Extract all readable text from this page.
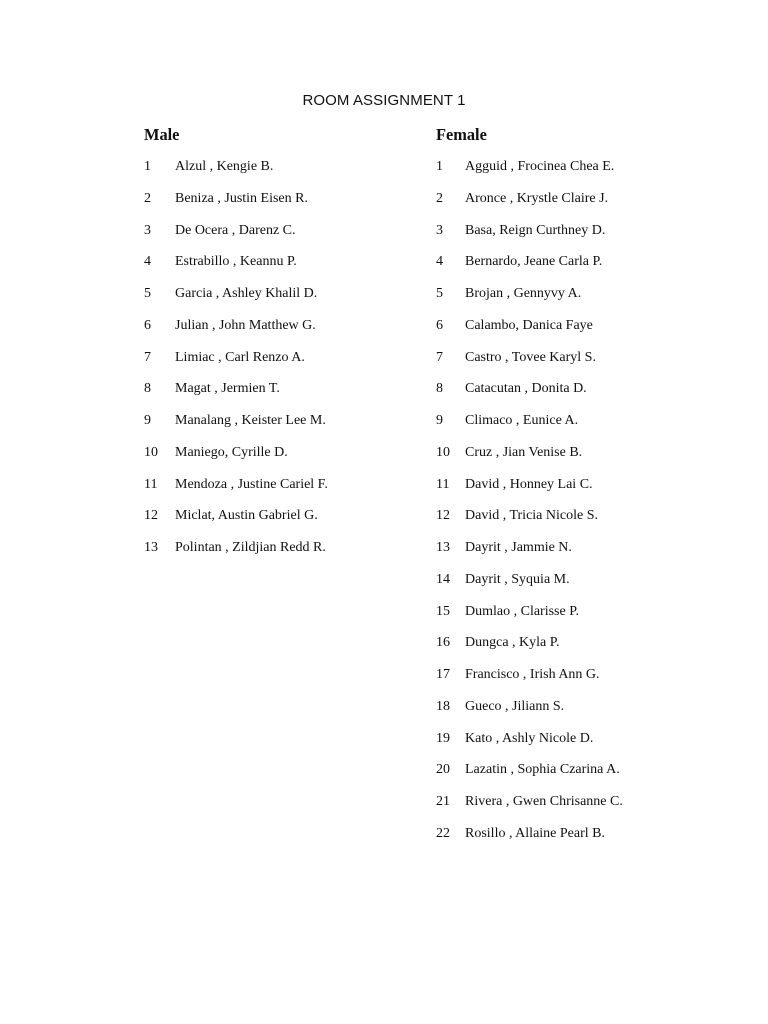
ROOM ASSIGNMENT 1
Male
1 Alzul , Kengie B.
2 Beniza , Justin Eisen R.
3 De Ocera , Darenz C.
4 Estrabillo , Keannu P.
5 Garcia , Ashley Khalil D.
6 Julian , John Matthew G.
7 Limiac , Carl Renzo A.
8 Magat , Jermien T.
9 Manalang , Keister Lee M.
10 Maniego, Cyrille D.
11 Mendoza , Justine Cariel F.
12 Miclat, Austin Gabriel G.
13 Polintan , Zildjian Redd R.
Female
1 Agguid , Frocinea Chea E.
2 Aronce , Krystle Claire J.
3 Basa, Reign Curthney D.
4 Bernardo, Jeane Carla P.
5 Brojan , Gennyvy A.
6 Calambo, Danica Faye
7 Castro , Tovee Karyl S.
8 Catacutan , Donita D.
9 Climaco , Eunice A.
10 Cruz , Jian Venise B.
11 David , Honney Lai C.
12 David , Tricia Nicole S.
13 Dayrit , Jammie N.
14 Dayrit , Syquia M.
15 Dumlao , Clarisse P.
16 Dungca , Kyla P.
17 Francisco , Irish Ann G.
18 Gueco , Jiliann S.
19 Kato , Ashly Nicole D.
20 Lazatin , Sophia Czarina A.
21 Rivera , Gwen Chrisanne C.
22 Rosillo , Allaine Pearl B.
